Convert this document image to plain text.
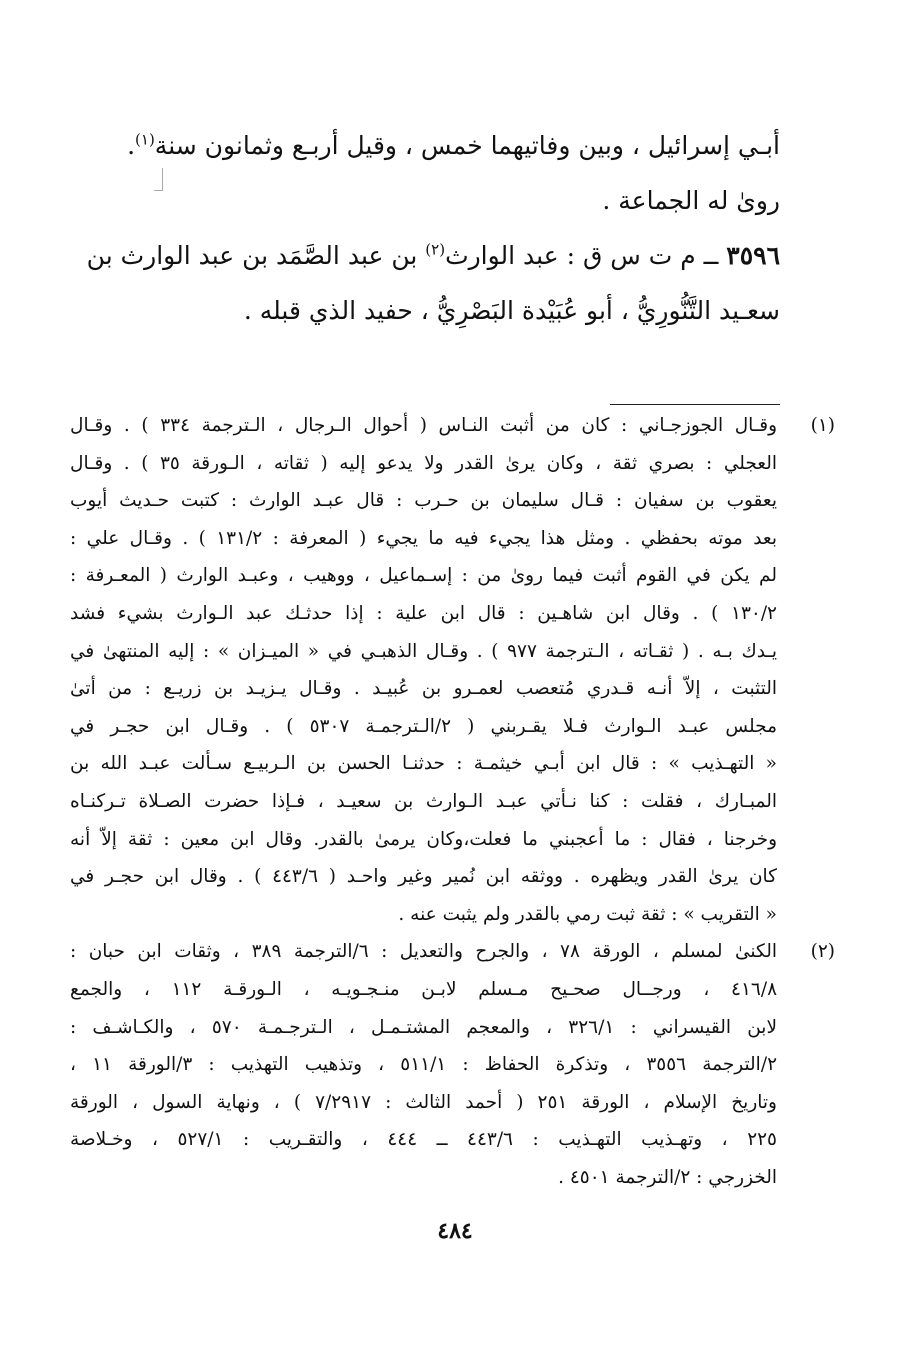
أبـي إسرائيل ، وبين وفاتيهما خمس ، وقيل أربـع وثمانون سنة$^{(١)}$.

روىٰ له الجماعة .

٣٥٩٦ ــ م ت س ق : عبد الوارث$^{(٢)}$ بن عبد الصَّمَد بن عبد الوارث بن

سعـيد التَّنُّورِيُّ ، أبو عُبَيْدة البَصْرِيُّ ، حفيد الذي قبله .

(١)
وقـال الجوزجـاني : كان من أثبت النـاس ( أحوال الـرجال ، الـترجمة ٣٣٤ ) . وقـال
العجلي : بصري ثقة ، وكان يرىٰ القدر ولا يدعو إليه ( ثقاته ، الـورقة ٣٥ ) . وقـال
يعقوب بن سفيان : قـال سليمان بن حـرب : قال عبـد الوارث : كتبت حـديث أيوب
بعد موته بحفظي . ومثل هذا يجيء فيه ما يجيء ( المعرفة : ١٣١/٢ ) . وقـال علي :
لم يكن في القوم أثبت فيما روىٰ من : إسـماعيل ، ووهيب ، وعبـد الوارث ( المعـرفة :
١٣٠/٢ ) . وقال ابن شاهـين : قال ابن علية : إذا حدثـك عبد الـوارث بشيء فشد
يـدك بـه . ( ثقـاته ، الـترجمة ٩٧٧ ) . وقـال الذهبـي في « الميـزان » : إليه المنتهىٰ في
التثبت ، إلاّ أنـه قـدري مُتعصب لعمـرو بن عُبيـد . وقـال يـزيـد بن زريـع : من أتىٰ
مجلس عبـد الـوارث فـلا يقـربني ( ٢/الـترجمـة ٥٣٠٧ ) . وقـال ابن حجـر في
« التهـذيب » : قال ابن أبـي خيثمـة : حدثنـا الحسن بن الـربيـع سـألت عبـد الله بن
المبـارك ، فقلت : كنا نـأتي عبـد الـوارث بن سعيـد ، فـإذا حضرت الصـلاة تـركنـاه
وخرجنا ، فقال : ما أعجبني ما فعلت،وكان يرمىٰ بالقدر. وقال ابن معين : ثقة إلاّ أنه
كان يرىٰ القدر ويظهره . ووثقه ابن نُمير وغير واحـد ( ٤٤٣/٦ ) . وقال ابن حجـر في
« التقريب » : ثقة ثبت رمي بالقدر ولم يثبت عنه .
(٢)
الكنىٰ لمسلم ، الورقة ٧٨ ، والجرح والتعديل : ٦/الترجمة ٣٨٩ ، وثقات ابن حبان :
٤١٦/٨ ، ورجــال صحـيح مـسلم لابـن منـجـويـه ، الـورقـة ١١٢ ، والجمع
لابن القيسراني : ٣٢٦/١ ، والمعجم المشتـمـل ، الـترجـمـة ٥٧٠ ، والكـاشـف :
٢/الترجمة ٣٥٥٦ ، وتذكرة الحفاظ : ٥١١/١ ، وتذهيب التهذيب : ٣/الورقة ١١ ،
وتاريخ الإسلام ، الورقة ٢٥١ ( أحمد الثالث : ٧/٢٩١٧ ) ، ونهاية السول ، الورقة
٢٢٥ ، وتهـذيب التهـذيب : ٤٤٣/٦ ــ ٤٤٤ ، والتقـريب : ٥٢٧/١ ، وخـلاصة
الخزرجي : ٢/الترجمة ٤٥٠١ .
٤٨٤
